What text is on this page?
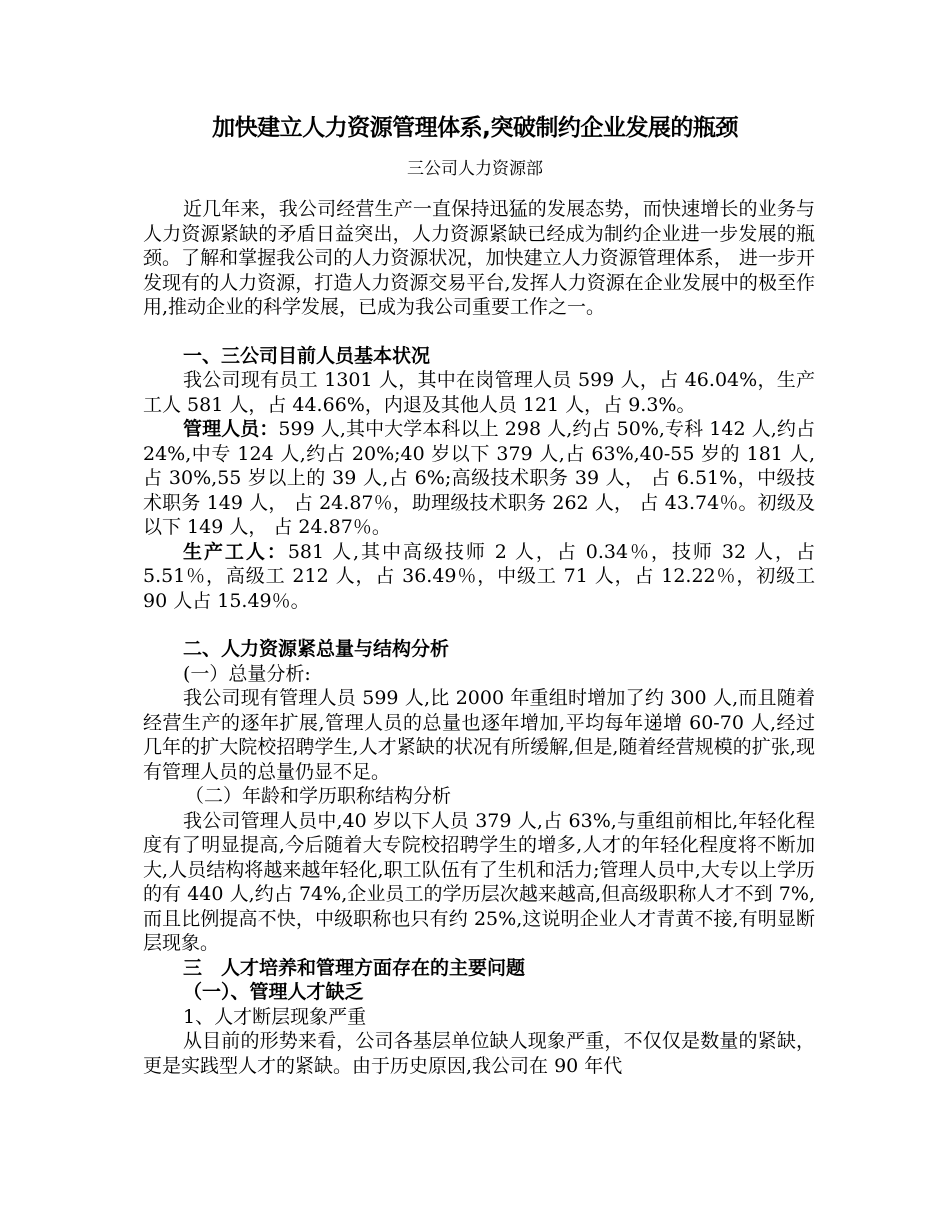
加快建立人力资源管理体系,突破制约企业发展的瓶颈
三公司人力资源部

近几年来，我公司经营生产一直保持迅猛的发展态势，而快速增长的业务与人力资源紧缺的矛盾日益突出，人力资源紧缺已经成为制约企业进一步发展的瓶颈。了解和掌握我公司的人力资源状况，加快建立人力资源管理体系， 进一步开发现有的人力资源，打造人力资源交易平台,发挥人力资源在企业发展中的极至作用,推动企业的科学发展，已成为我公司重要工作之一。

一、三公司目前人员基本状况

我公司现有员工 1301 人，其中在岗管理人员 599 人，占 46.04%，生产工人 581 人，占 44.66%，内退及其他人员 121 人，占 9.3%。

管理人员：599 人,其中大学本科以上 298 人,约占 50%,专科 142 人,约占 24%,中专 124 人,约占 20%;40 岁以下 379 人,占 63%,40-55 岁的 181 人,占 30%,55 岁以上的 39 人,占 6%;高级技术职务 39 人， 占 6.51%，中级技术职务 149 人， 占 24.87％，助理级技术职务 262 人， 占 43.74％。初级及以下 149 人， 占 24.87％。

生产工人：581 人,其中高级技师 2 人，占 0.34％，技师 32 人，占 5.51％，高级工 212 人，占 36.49％，中级工 71 人，占 12.22％，初级工 90 人占 15.49％。

二、人力资源紧总量与结构分析

(一）总量分析:

我公司现有管理人员 599 人,比 2000 年重组时增加了约 300 人,而且随着经营生产的逐年扩展,管理人员的总量也逐年增加,平均每年递增 60-70 人,经过几年的扩大院校招聘学生,人才紧缺的状况有所缓解,但是,随着经营规模的扩张,现有管理人员的总量仍显不足。

（二）年龄和学历职称结构分析

我公司管理人员中,40 岁以下人员 379 人,占 63%,与重组前相比,年轻化程度有了明显提高,今后随着大专院校招聘学生的增多,人才的年轻化程度将不断加大,人员结构将越来越年轻化,职工队伍有了生机和活力;管理人员中,大专以上学历的有 440 人,约占 74%,企业员工的学历层次越来越高,但高级职称人才不到 7%,而且比例提高不快，中级职称也只有约 25%,这说明企业人才青黄不接,有明显断层现象。

三　人才培养和管理方面存在的主要问题

（一）、管理人才缺乏

1、人才断层现象严重

从目前的形势来看，公司各基层单位缺人现象严重，不仅仅是数量的紧缺，更是实践型人才的紧缺。由于历史原因,我公司在 90 年代
